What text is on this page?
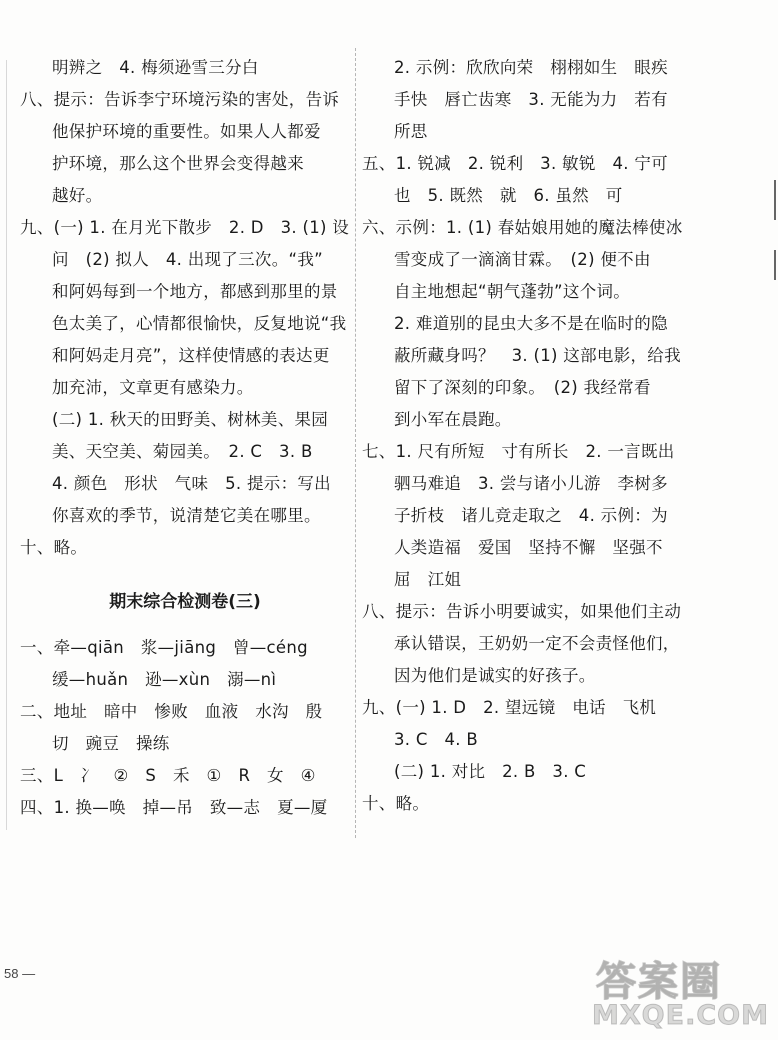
明辨之　4. 梅须逊雪三分白
八、提示：告诉李宁环境污染的害处，告诉
他保护环境的重要性。如果人人都爱
护环境，那么这个世界会变得越来
越好。
九、(一) 1. 在月光下散步　2. D　3. (1) 设
问　(2) 拟人　4. 出现了三次。“我”
和阿妈每到一个地方，都感到那里的景
色太美了，心情都很愉快，反复地说“我
和阿妈走月亮”，这样使情感的表达更
加充沛，文章更有感染力。
(二) 1. 秋天的田野美、树林美、果园
美、天空美、菊园美。　2. C　3. B
4. 颜色　形状　气味　5. 提示：写出
你喜欢的季节，说清楚它美在哪里。
十、略。
期末综合检测卷(三)
一、牵—qiān　浆—jiāng　曾—céng
缓—huǎn　逊—xùn　溺—nì
二、地址　暗中　惨败　血液　水沟　殷
切　豌豆　操练
三、L　冫　②　S　禾　①　R　女　④
四、1. 换—唤　掉—吊　致—志　夏—厦
2. 示例：欣欣向荣　栩栩如生　眼疾
手快　唇亡齿寒　3. 无能为力　若有
所思
五、1. 锐减　2. 锐利　3. 敏锐　4. 宁可
也　5. 既然　就　6. 虽然　可
六、示例：1. (1) 春姑娘用她的魔法棒使冰
雪变成了一滴滴甘霖。　(2) 便不由
自主地想起“朝气蓬勃”这个词。
2. 难道别的昆虫大多不是在临时的隐
蔽所藏身吗？　3. (1) 这部电影，给我
留下了深刻的印象。　(2) 我经常看
到小军在晨跑。
七、1. 尺有所短　寸有所长　2. 一言既出
驷马难追　3. 尝与诸小儿游　李树多
子折枝　诸儿竞走取之　4. 示例：为
人类造福　爱国　坚持不懈　坚强不
屈　江姐
八、提示：告诉小明要诚实，如果他们主动
承认错误，王奶奶一定不会责怪他们，
因为他们是诚实的好孩子。
九、(一) 1. D　2. 望远镜　电话　飞机
3. C　4. B
(二) 1. 对比　2. B　3. C
十、略。
58 —	答案圈
MXQE.COM
